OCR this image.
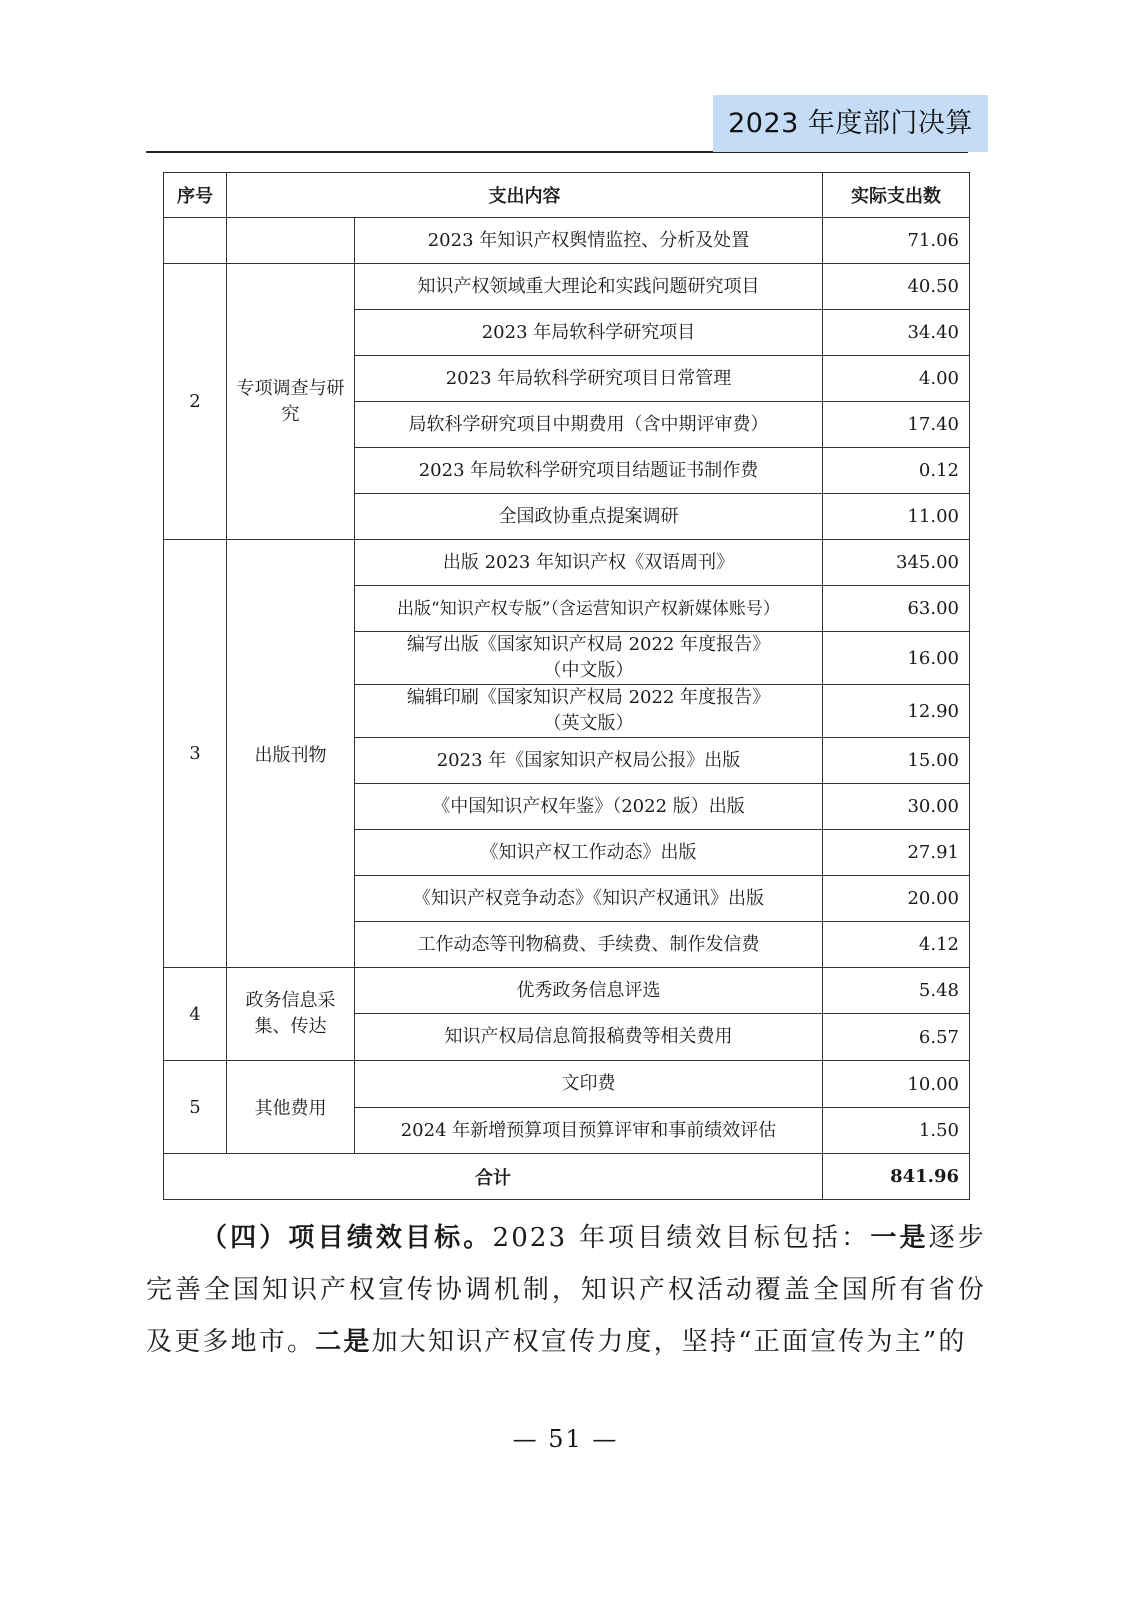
2023 年度部门决算
序号	支出内容		实际支出数
		2023 年知识产权舆情监控、分析及处置	71.06
2	专项调查与研究	知识产权领域重大理论和实践问题研究项目	40.50
		2023 年局软科学研究项目	34.40
		2023 年局软科学研究项目日常管理	4.00
		局软科学研究项目中期费用（含中期评审费）	17.40
		2023 年局软科学研究项目结题证书制作费	0.12
		全国政协重点提案调研	11.00
3	出版刊物	出版 2023 年知识产权《双语周刊》	345.00
		出版“知识产权专版”（含运营知识产权新媒体账号）	63.00
		编写出版《国家知识产权局 2022 年度报告》（中文版）	16.00
		编辑印刷《国家知识产权局 2022 年度报告》（英文版）	12.90
		2023 年《国家知识产权局公报》出版	15.00
		《中国知识产权年鉴》（2022 版）出版	30.00
		《知识产权工作动态》出版	27.91
		《知识产权竞争动态》《知识产权通讯》出版	20.00
		工作动态等刊物稿费、手续费、制作发信费	4.12
4	政务信息采集、传达	优秀政务信息评选	5.48
		知识产权局信息简报稿费等相关费用	6.57
5	其他费用	文印费	10.00
		2024 年新增预算项目预算评审和事前绩效评估	1.50
合计			841.96
（四）项目绩效目标。2023 年项目绩效目标包括：一是逐步完善全国知识产权宣传协调机制，知识产权活动覆盖全国所有省份及更多地市。二是加大知识产权宣传力度，坚持“正面宣传为主”的
— 51 —
